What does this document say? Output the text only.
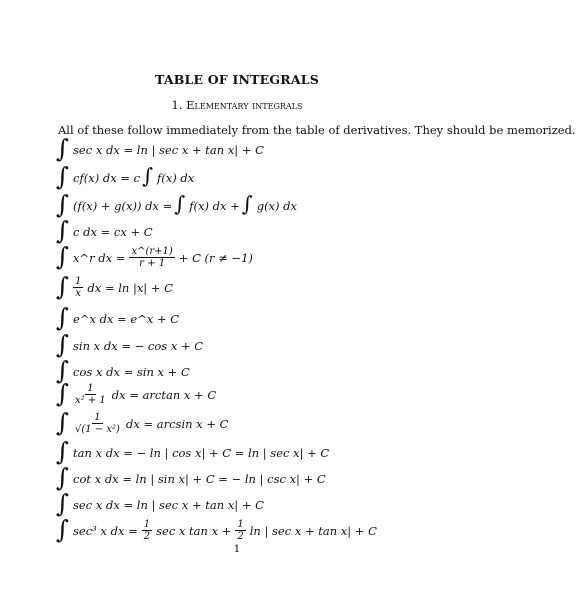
TABLE OF INTEGRALS
1. Elementary integrals
All of these follow immediately from the table of derivatives. They should be memorized.
∫ sec x dx = ln | sec x + tan x| + C
∫ cf(x) dx = c ∫ f(x) dx
∫ (f(x) + g(x)) dx = ∫ f(x) dx + ∫ g(x) dx
∫ c dx = cx + C
∫ x^r dx = $\frac{x\^{}(r+1)}{r + 1} + C$ (r ≠ −1)
∫ $\frac{1}{x}$ dx = ln |x| + C
∫ e^x dx = e^x + C
∫ sin x dx = − cos x + C
∫ cos x dx = sin x + C
∫ $\frac{1}{\text{x² + 1}}$ dx = arctan x + C
∫ $\frac{1}{\text{√(1 − x²)}}$ dx = arcsin x + C
∫ tan x dx = − ln | cos x| + C = ln | sec x| + C
∫ cot x dx = ln | sin x| + C = − ln | csc x| + C
∫ sec x dx = ln | sec x + tan x| + C
∫ sec³ x dx = $\frac{1}{2}$ sec x $\tan x + \frac{1}{2}$ ln | sec x + tan x| + C
1
